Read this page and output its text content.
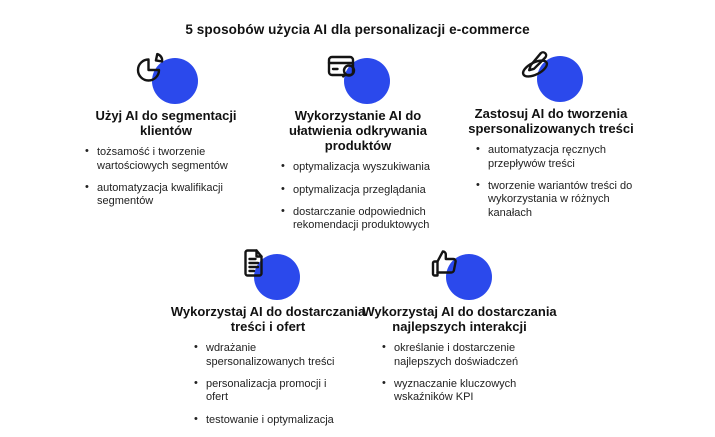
5 sposobów użycia AI dla personalizacji e-commerce
Użyj AI do segmentacji klientów
• tożsamość i tworzenie wartościowych segmentów
• automatyzacja kwalifikacji segmentów
Wykorzystanie AI do ułatwienia odkrywania produktów
• optymalizacja wyszukiwania
• optymalizacja przeglądania
• dostarczanie odpowiednich rekomendacji produktowych
Zastosuj AI do tworzenia spersonalizowanych treści
• automatyzacja ręcznych przepływów treści
• tworzenie wariantów treści do wykorzystania w różnych kanałach
Wykorzystaj AI do dostarczania treści i ofert
• wdrażanie spersonalizowanych treści
• personalizacja promocji i ofert
• testowanie i optymalizacja
Wykorzystaj AI do dostarczania najlepszych interakcji
• określanie i dostarczenie najlepszych doświadczeń
• wyznaczanie kluczowych wskaźników KPI
